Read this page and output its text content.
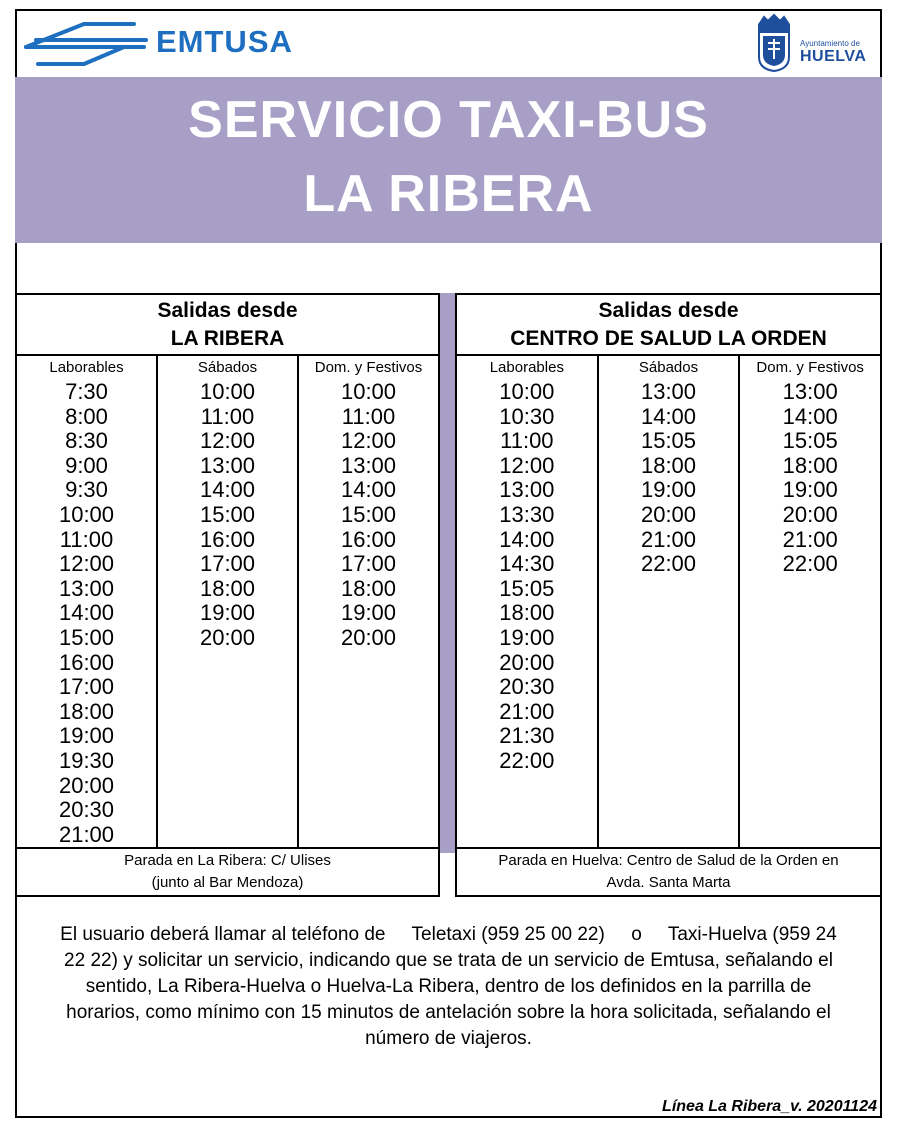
EMTUSA	Ayuntamiento de
HUELVA
SERVICIO TAXI-BUS
LA RIBERA
Salidas desde
LA RIBERA
Laborables
7:30
8:00
8:30
9:00
9:30
10:00
11:00
12:00
13:00
14:00
15:00
16:00
17:00
18:00
19:00
19:30
20:00
20:30
21:00
Sábados
10:00
11:00
12:00
13:00
14:00
15:00
16:00
17:00
18:00
19:00
20:00
Dom. y Festivos
10:00
11:00
12:00
13:00
14:00
15:00
16:00
17:00
18:00
19:00
20:00
Parada en La Ribera: C/ Ulises
(junto al Bar Mendoza)
Salidas desde
CENTRO DE SALUD LA ORDEN
Laborables
10:00
10:30
11:00
12:00
13:00
13:30
14:00
14:30
15:05
18:00
19:00
20:00
20:30
21:00
21:30
22:00
Sábados
13:00
14:00
15:05
18:00
19:00
20:00
21:00
22:00
Dom. y Festivos
13:00
14:00
15:05
18:00
19:00
20:00
21:00
22:00
Parada en Huelva: Centro de Salud de la Orden en
Avda. Santa Marta
El usuario deberá llamar al teléfono de     Teletaxi (959 25 00 22)     o     Taxi-Huelva (959 24
22 22) y solicitar un servicio, indicando que se trata de un servicio de Emtusa, señalando el
sentido, La Ribera-Huelva o Huelva-La Ribera, dentro de los definidos en la parrilla de
horarios, como mínimo con 15 minutos de antelación sobre la hora solicitada, señalando el
número de viajeros.
Línea La Ribera_v. 20201124
